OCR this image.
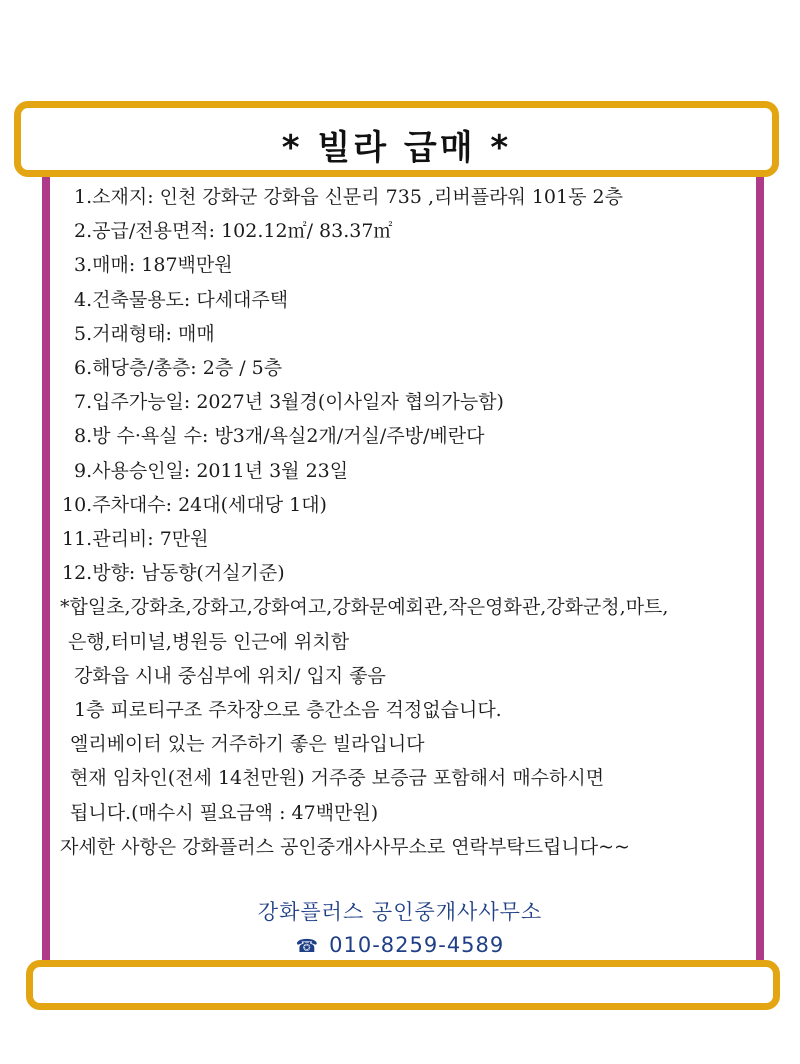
* 빌라 급매 *
1.소재지: 인천 강화군 강화읍 신문리 735 ,리버플라워 101동 2층
2.공급/전용면적: 102.12㎡/ 83.37㎡
3.매매: 187백만원
4.건축물용도: 다세대주택
5.거래형태: 매매
6.해당층/총층: 2층 / 5층
7.입주가능일: 2027년 3월경(이사일자 협의가능함)
8.방 수·욕실 수: 방3개/욕실2개/거실/주방/베란다
9.사용승인일: 2011년 3월 23일
10.주차대수: 24대(세대당 1대)
11.관리비: 7만원
12.방향: 남동향(거실기준)
*합일초,강화초,강화고,강화여고,강화문예회관,작은영화관,강화군청,마트,
은행,터미널,병원등 인근에 위치함
강화읍 시내 중심부에 위치/ 입지 좋음
1층 피로티구조 주차장으로 층간소음 걱정없습니다.
엘리베이터 있는 거주하기 좋은 빌라입니다
현재 임차인(전세 14천만원) 거주중 보증금 포함해서 매수하시면
됩니다.(매수시 필요금액 : 47백만원)
자세한 사항은 강화플러스 공인중개사사무소로 연락부탁드립니다~~
강화플러스 공인중개사사무소
☎ 010-8259-4589
